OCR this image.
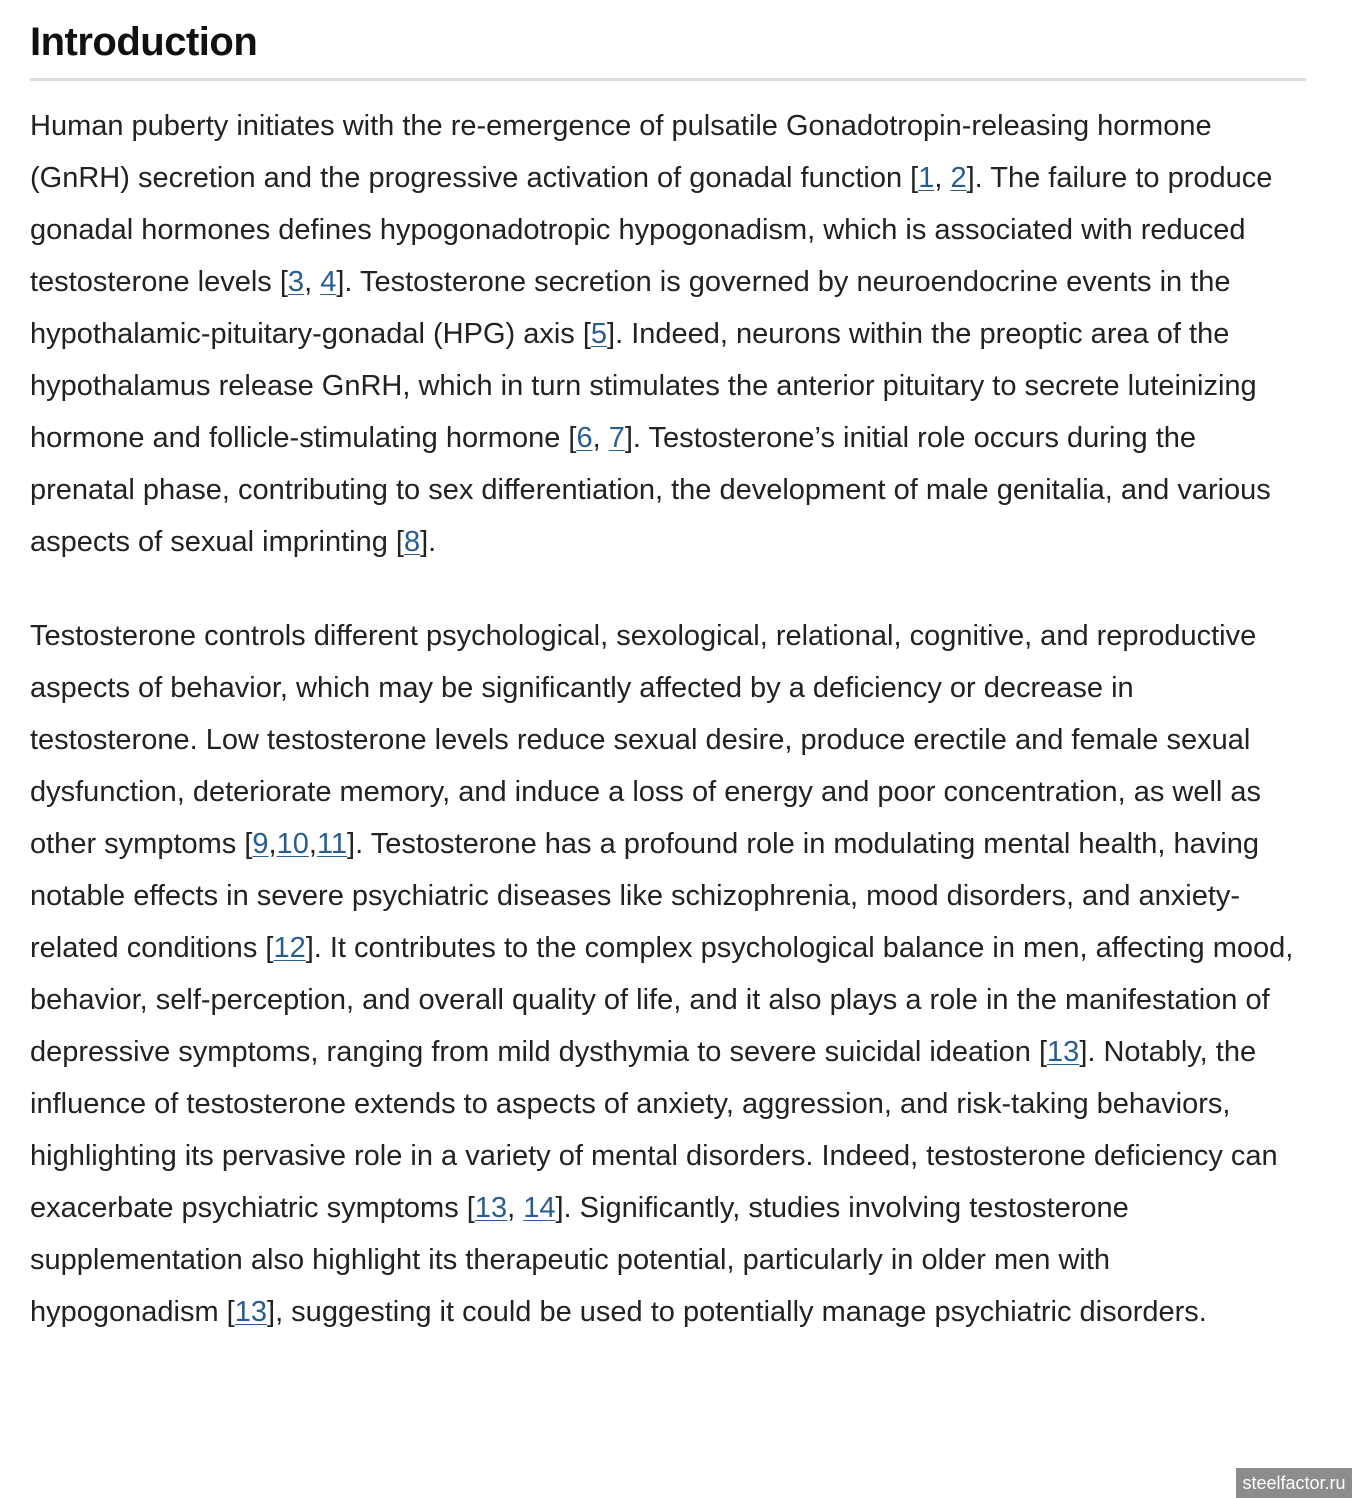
Introduction

Human puberty initiates with the re-emergence of pulsatile Gonadotropin-releasing hormone (GnRH) secretion and the progressive activation of gonadal function [1, 2]. The failure to produce gonadal hormones defines hypogonadotropic hypogonadism, which is associated with reduced testosterone levels [3, 4]. Testosterone secretion is governed by neuroendocrine events in the hypothalamic-pituitary-gonadal (HPG) axis [5]. Indeed, neurons within the preoptic area of the hypothalamus release GnRH, which in turn stimulates the anterior pituitary to secrete luteinizing hormone and follicle-stimulating hormone [6, 7]. Testosterone’s initial role occurs during the prenatal phase, contributing to sex differentiation, the development of male genitalia, and various aspects of sexual imprinting [8].

Testosterone controls different psychological, sexological, relational, cognitive, and reproductive aspects of behavior, which may be significantly affected by a deficiency or decrease in testosterone. Low testosterone levels reduce sexual desire, produce erectile and female sexual dysfunction, deteriorate memory, and induce a loss of energy and poor concentration, as well as other symptoms [9,10,11]. Testosterone has a profound role in modulating mental health, having notable effects in severe psychiatric diseases like schizophrenia, mood disorders, and anxiety-related conditions [12]. It contributes to the complex psychological balance in men, affecting mood, behavior, self-perception, and overall quality of life, and it also plays a role in the manifestation of depressive symptoms, ranging from mild dysthymia to severe suicidal ideation [13]. Notably, the influence of testosterone extends to aspects of anxiety, aggression, and risk-taking behaviors, highlighting its pervasive role in a variety of mental disorders. Indeed, testosterone deficiency can exacerbate psychiatric symptoms [13, 14]. Significantly, studies involving testosterone supplementation also highlight its therapeutic potential, particularly in older men with hypogonadism [13], suggesting it could be used to potentially manage psychiatric disorders.

steelfactor.ru
